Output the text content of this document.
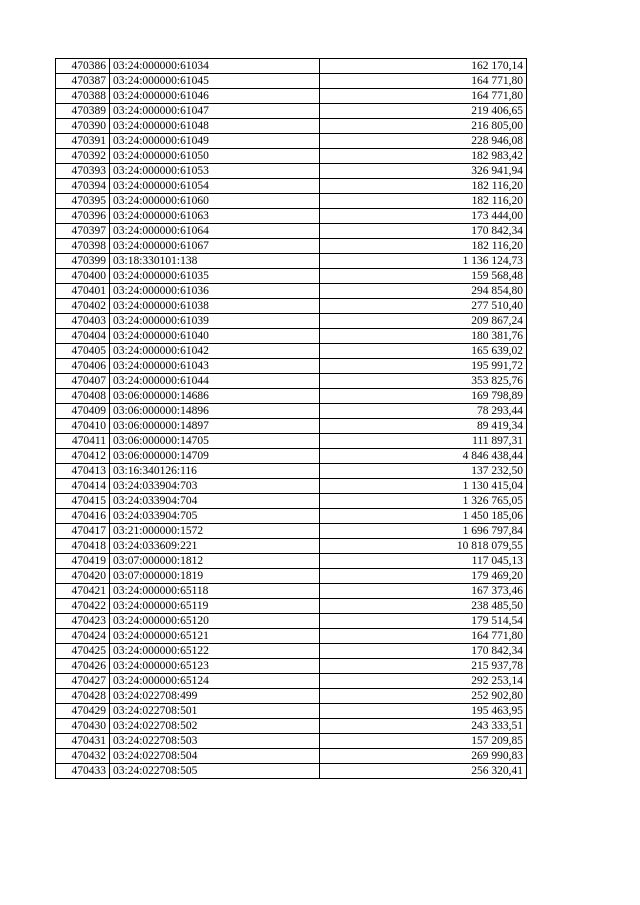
470386	03:24:000000:61034	162 170,14
470387	03:24:000000:61045	164 771,80
470388	03:24:000000:61046	164 771,80
470389	03:24:000000:61047	219 406,65
470390	03:24:000000:61048	216 805,00
470391	03:24:000000:61049	228 946,08
470392	03:24:000000:61050	182 983,42
470393	03:24:000000:61053	326 941,94
470394	03:24:000000:61054	182 116,20
470395	03:24:000000:61060	182 116,20
470396	03:24:000000:61063	173 444,00
470397	03:24:000000:61064	170 842,34
470398	03:24:000000:61067	182 116,20
470399	03:18:330101:138	1 136 124,73
470400	03:24:000000:61035	159 568,48
470401	03:24:000000:61036	294 854,80
470402	03:24:000000:61038	277 510,40
470403	03:24:000000:61039	209 867,24
470404	03:24:000000:61040	180 381,76
470405	03:24:000000:61042	165 639,02
470406	03:24:000000:61043	195 991,72
470407	03:24:000000:61044	353 825,76
470408	03:06:000000:14686	169 798,89
470409	03:06:000000:14896	78 293,44
470410	03:06:000000:14897	89 419,34
470411	03:06:000000:14705	111 897,31
470412	03:06:000000:14709	4 846 438,44
470413	03:16:340126:116	137 232,50
470414	03:24:033904:703	1 130 415,04
470415	03:24:033904:704	1 326 765,05
470416	03:24:033904:705	1 450 185,06
470417	03:21:000000:1572	1 696 797,84
470418	03:24:033609:221	10 818 079,55
470419	03:07:000000:1812	117 045,13
470420	03:07:000000:1819	179 469,20
470421	03:24:000000:65118	167 373,46
470422	03:24:000000:65119	238 485,50
470423	03:24:000000:65120	179 514,54
470424	03:24:000000:65121	164 771,80
470425	03:24:000000:65122	170 842,34
470426	03:24:000000:65123	215 937,78
470427	03:24:000000:65124	292 253,14
470428	03:24:022708:499	252 902,80
470429	03:24:022708:501	195 463,95
470430	03:24:022708:502	243 333,51
470431	03:24:022708:503	157 209,85
470432	03:24:022708:504	269 990,83
470433	03:24:022708:505	256 320,41
